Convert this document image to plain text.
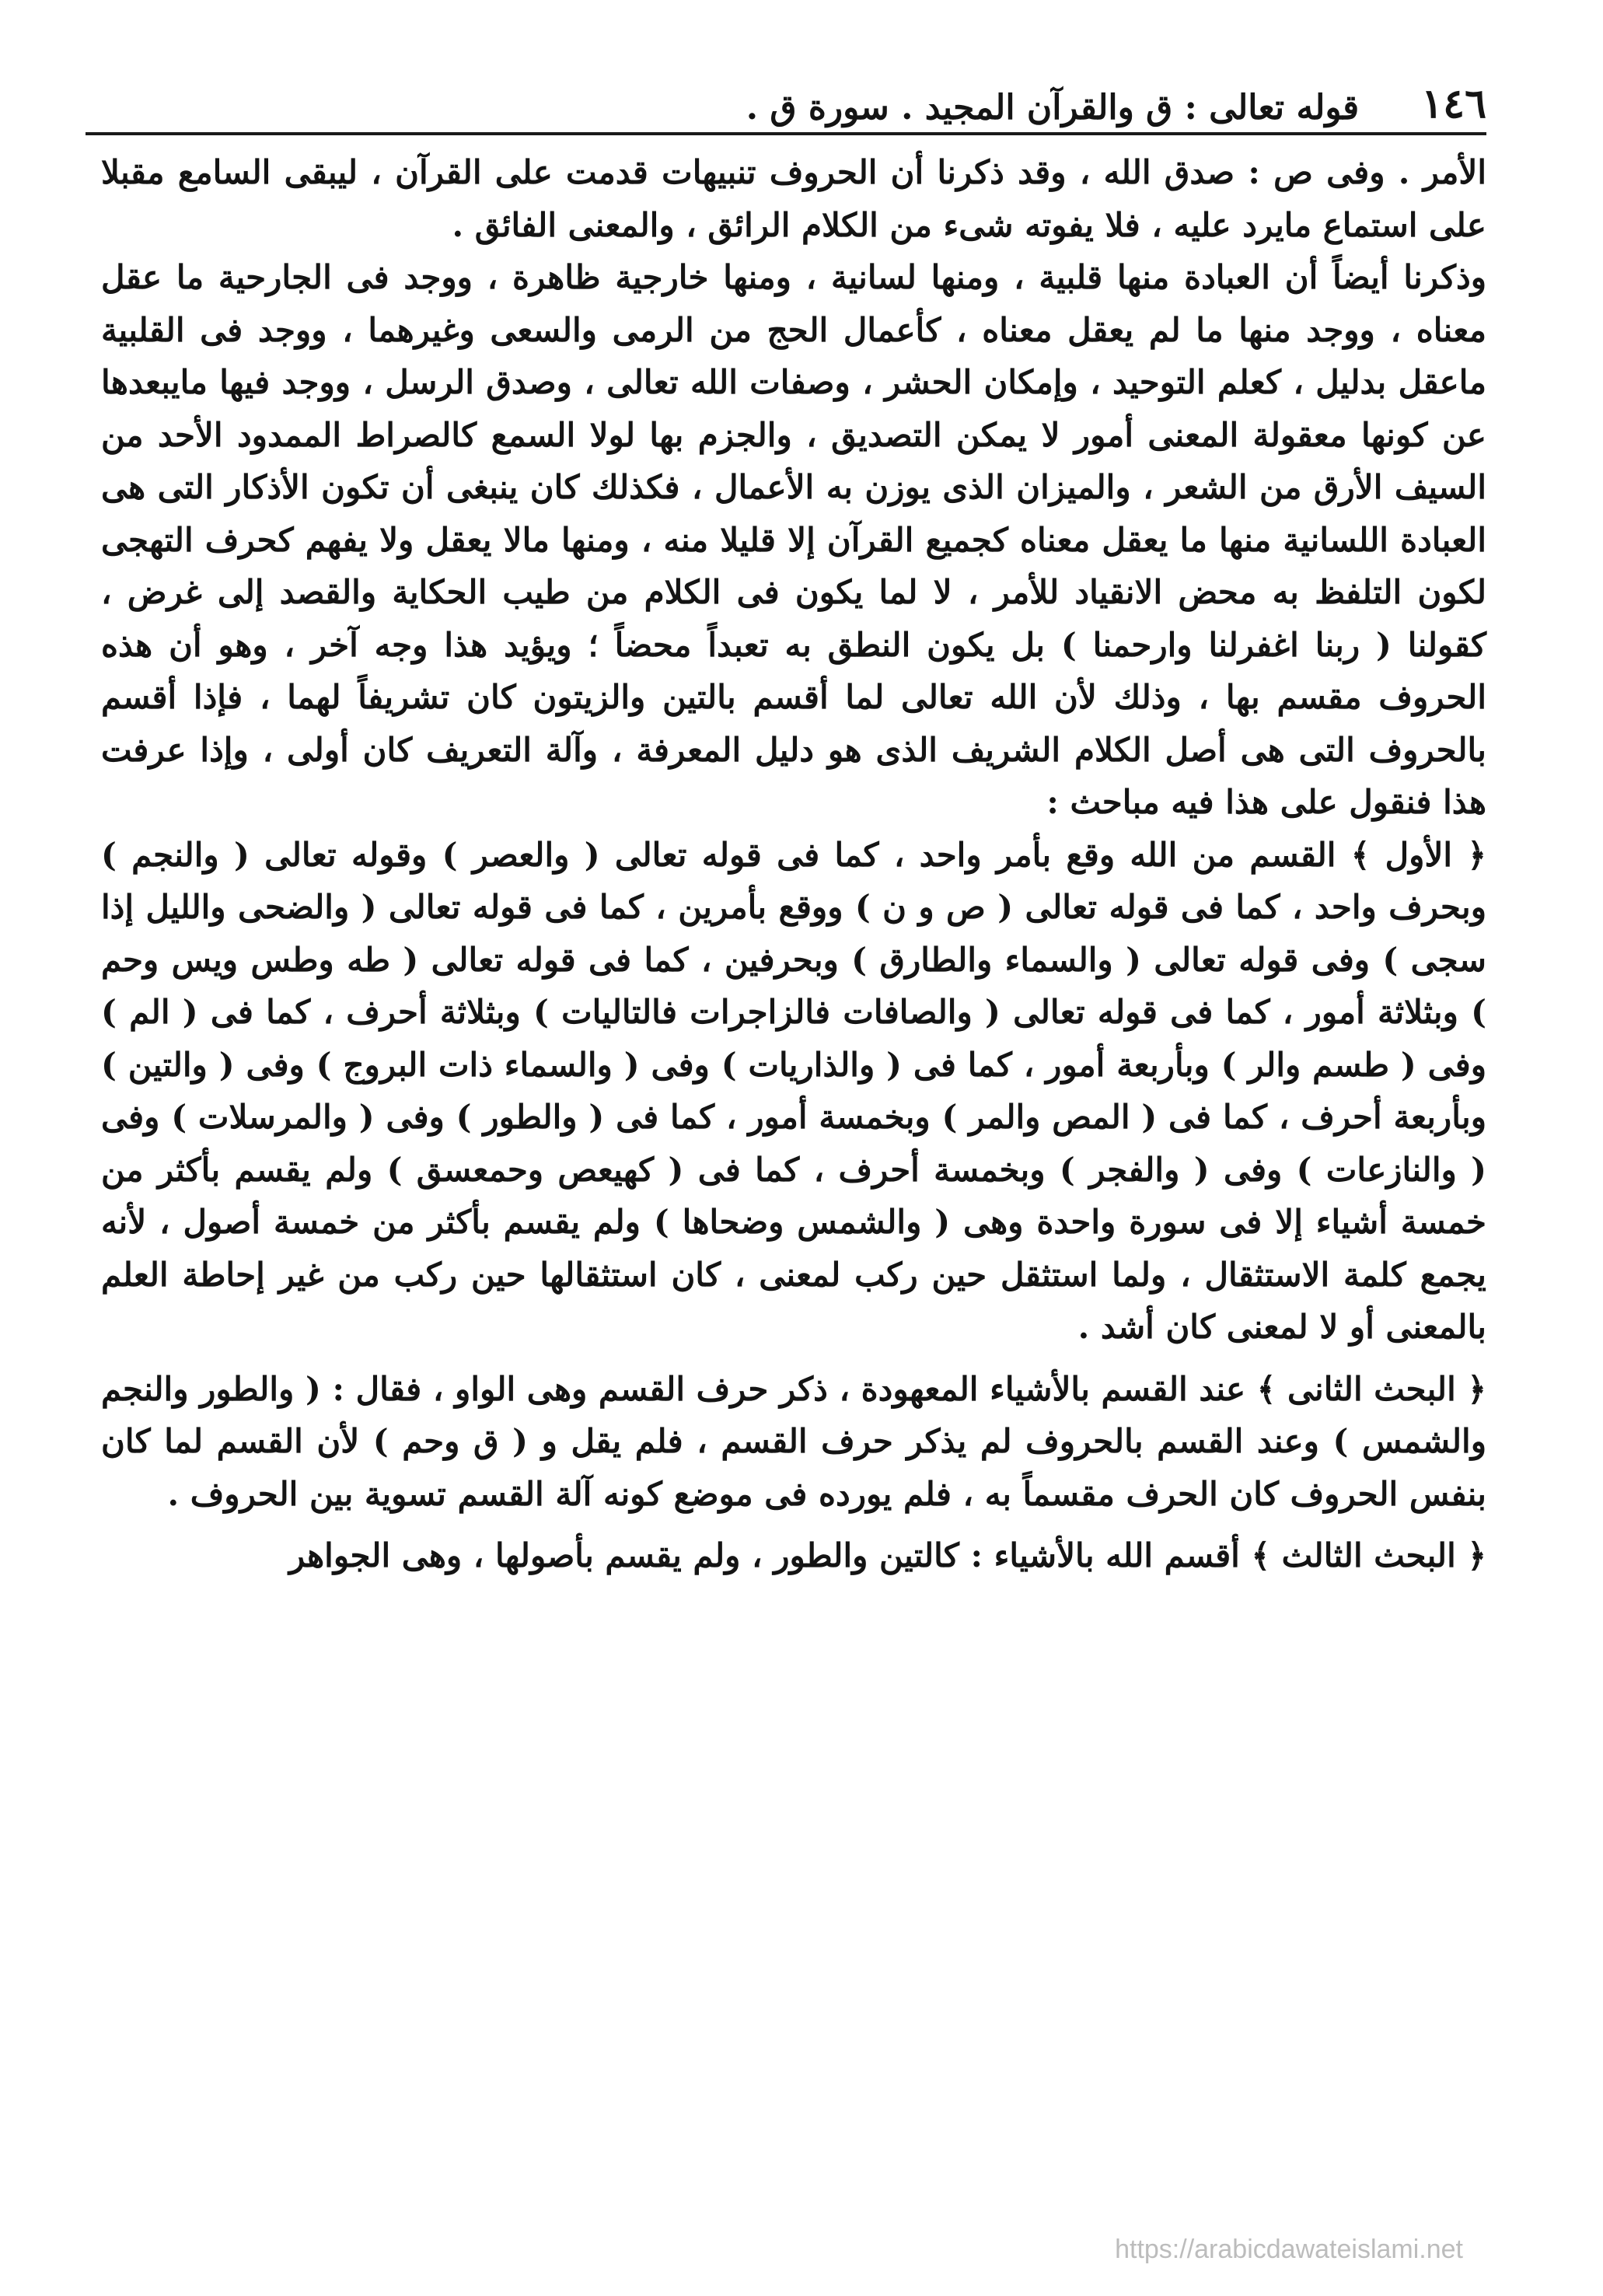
١٤٦
قوله تعالى : ق والقرآن المجيد . سورة ق .

الأمر . وفى ص : صدق الله ، وقد ذكرنا أن الحروف تنبيهات قدمت على القرآن ، ليبقى السامع مقبلا على استماع مايرد عليه ، فلا يفوته شىء من الكلام الرائق ، والمعنى الفائق .

وذكرنا أيضاً أن العبادة منها قلبية ، ومنها لسانية ، ومنها خارجية ظاهرة ، ووجد فى الجارحية ما عقل معناه ، ووجد منها ما لم يعقل معناه ، كأعمال الحج من الرمى والسعى وغيرهما ، ووجد فى القلبية ماعقل بدليل ، كعلم التوحيد ، وإمكان الحشر ، وصفات الله تعالى ، وصدق الرسل ، ووجد فيها مايبعدها عن كونها معقولة المعنى أمور لا يمكن التصديق ، والجزم بها لولا السمع كالصراط الممدود الأحد من السيف الأرق من الشعر ، والميزان الذى يوزن به الأعمال ، فكذلك كان ينبغى أن تكون الأذكار التى هى العبادة اللسانية منها ما يعقل معناه كجميع القرآن إلا قليلا منه ، ومنها مالا يعقل ولا يفهم كحرف التهجى لكون التلفظ به محض الانقياد للأمر ، لا لما يكون فى الكلام من طيب الحكاية والقصد إلى غرض ، كقولنا ( ربنا اغفرلنا وارحمنا ) بل يكون النطق به تعبداً محضاً ؛ ويؤيد هذا وجه آخر ، وهو أن هذه الحروف مقسم بها ، وذلك لأن الله تعالى لما أقسم بالتين والزيتون كان تشريفاً لهما ، فإذا أقسم بالحروف التى هى أصل الكلام الشريف الذى هو دليل المعرفة ، وآلة التعريف كان أولى ، وإذا عرفت هذا فنقول على هذا فيه مباحث :

﴿ الأول ﴾ القسم من الله وقع بأمر واحد ، كما فى قوله تعالى ( والعصر ) وقوله تعالى ( والنجم ) وبحرف واحد ، كما فى قوله تعالى ( ص و ن ) ووقع بأمرين ، كما فى قوله تعالى ( والضحى والليل إذا سجى ) وفى قوله تعالى ( والسماء والطارق ) وبحرفين ، كما فى قوله تعالى ( طه وطس ويس وحم ) وبثلاثة أمور ، كما فى قوله تعالى ( والصافات فالزاجرات فالتاليات ) وبثلاثة أحرف ، كما فى ( الم ) وفى ( طسم والر ) وبأربعة أمور ، كما فى ( والذاريات ) وفى ( والسماء ذات البروج ) وفى ( والتين ) وبأربعة أحرف ، كما فى ( المص والمر ) وبخمسة أمور ، كما فى ( والطور ) وفى ( والمرسلات ) وفى ( والنازعات ) وفى ( والفجر ) وبخمسة أحرف ، كما فى ( كهيعص وحمعسق ) ولم يقسم بأكثر من خمسة أشياء إلا فى سورة واحدة وهى ( والشمس وضحاها ) ولم يقسم بأكثر من خمسة أصول ، لأنه يجمع كلمة الاستثقال ، ولما استثقل حين ركب لمعنى ، كان استثقالها حين ركب من غير إحاطة العلم بالمعنى أو لا لمعنى كان أشد .

﴿ البحث الثانى ﴾ عند القسم بالأشياء المعهودة ، ذكر حرف القسم وهى الواو ، فقال : ( والطور والنجم والشمس ) وعند القسم بالحروف لم يذكر حرف القسم ، فلم يقل و ( ق وحم ) لأن القسم لما كان بنفس الحروف كان الحرف مقسماً به ، فلم يورده فى موضع كونه آلة القسم تسوية بين الحروف .

﴿ البحث الثالث ﴾ أقسم الله بالأشياء : كالتين والطور ، ولم يقسم بأصولها ، وهى الجواهر

https://arabicdawateislami.net
